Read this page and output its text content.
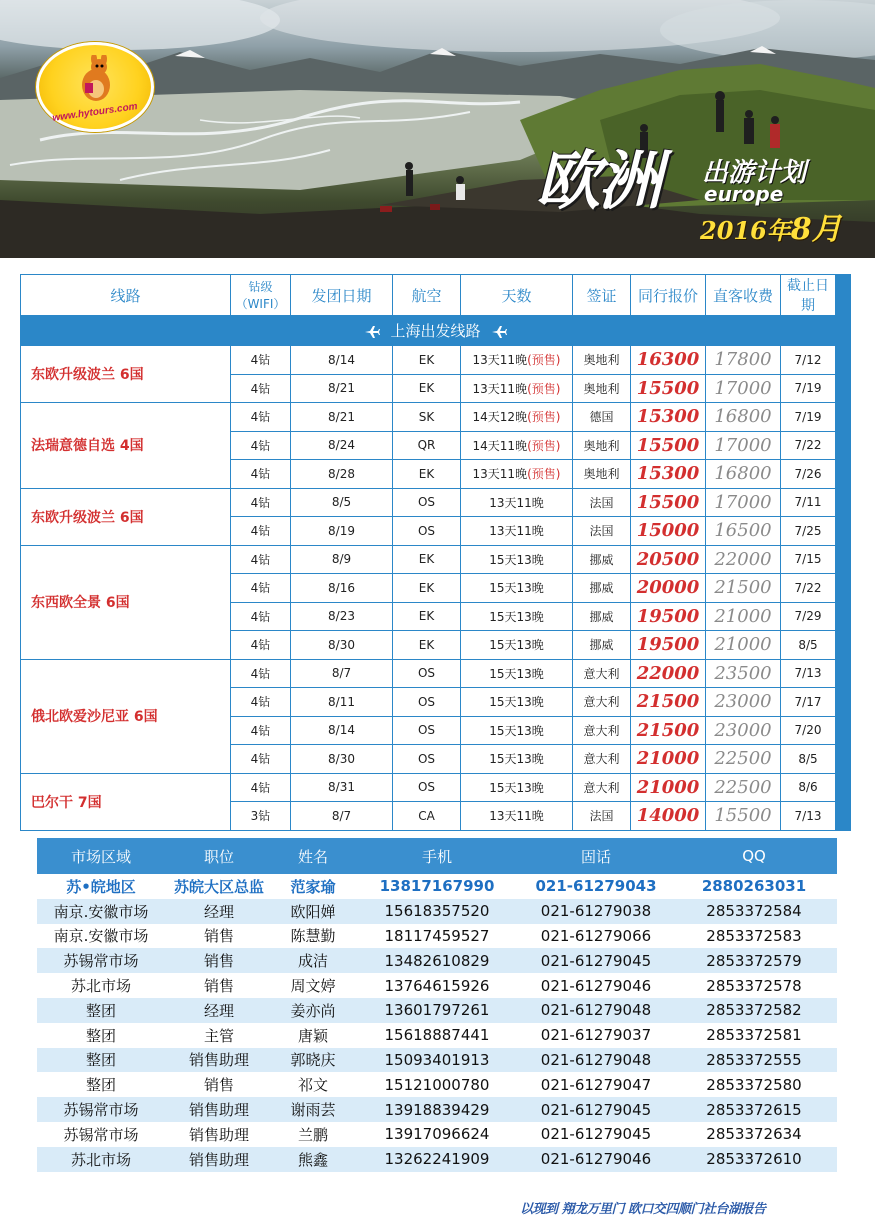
www.hytours.com
欧洲 出游计划
europe
2016年8月
线路	钻级（WIFI）	发团日期	航空	天数	签证	同行报价	直客收费	截止日期	
上海出发线路									
东欧升级波兰 6国	4钻	8/14	EK	13天11晚(预售)	奥地利	16300	17800	7/12	
	4钻	8/21	EK	13天11晚(预售)	奥地利	15500	17000	7/19	
法瑞意德自选 4国	4钻	8/21	SK	14天12晚(预售)	德国	15300	16800	7/19	
	4钻	8/24	QR	14天11晚(预售)	奥地利	15500	17000	7/22	
	4钻	8/28	EK	13天11晚(预售)	奥地利	15300	16800	7/26	
东欧升级波兰 6国	4钻	8/5	OS	13天11晚	法国	15500	17000	7/11	
	4钻	8/19	OS	13天11晚	法国	15000	16500	7/25	
东西欧全景 6国	4钻	8/9	EK	15天13晚	挪威	20500	22000	7/15	
	4钻	8/16	EK	15天13晚	挪威	20000	21500	7/22	
	4钻	8/23	EK	15天13晚	挪威	19500	21000	7/29	
	4钻	8/30	EK	15天13晚	挪威	19500	21000	8/5	
俄北欧爱沙尼亚 6国	4钻	8/7	OS	15天13晚	意大利	22000	23500	7/13	
	4钻	8/11	OS	15天13晚	意大利	21500	23000	7/17	
	4钻	8/14	OS	15天13晚	意大利	21500	23000	7/20	
	4钻	8/30	OS	15天13晚	意大利	21000	22500	8/5	
巴尔干 7国	4钻	8/31	OS	15天13晚	意大利	21000	22500	8/6	
	3钻	8/7	CA	13天11晚	法国	14000	15500	7/13	
市场区域	职位	姓名	手机	固话	QQ
苏•皖地区	苏皖大区总监	范家瑜	13817167990	021-61279043	2880263031
南京.安徽市场	经理	欧阳婵	15618357520	021-61279038	2853372584
南京.安徽市场	销售	陈慧勤	18117459527	021-61279066	2853372583
苏锡常市场	销售	成洁	13482610829	021-61279045	2853372579
苏北市场	销售	周文婷	13764615926	021-61279046	2853372578
整团	经理	姜亦尚	13601797261	021-61279048	2853372582
整团	主管	唐颖	15618887441	021-61279037	2853372581
整团	销售助理	郭晓庆	15093401913	021-61279048	2853372555
整团	销售	祁文	15121000780	021-61279047	2853372580
苏锡常市场	销售助理	谢雨芸	13918839429	021-61279045	2853372615
苏锡常市场	销售助理	兰鹏	13917096624	021-61279045	2853372634
苏北市场	销售助理	熊鑫	13262241909	021-61279046	2853372610
以现到 翔龙万里门 欧口交四顺门社台湖报告
